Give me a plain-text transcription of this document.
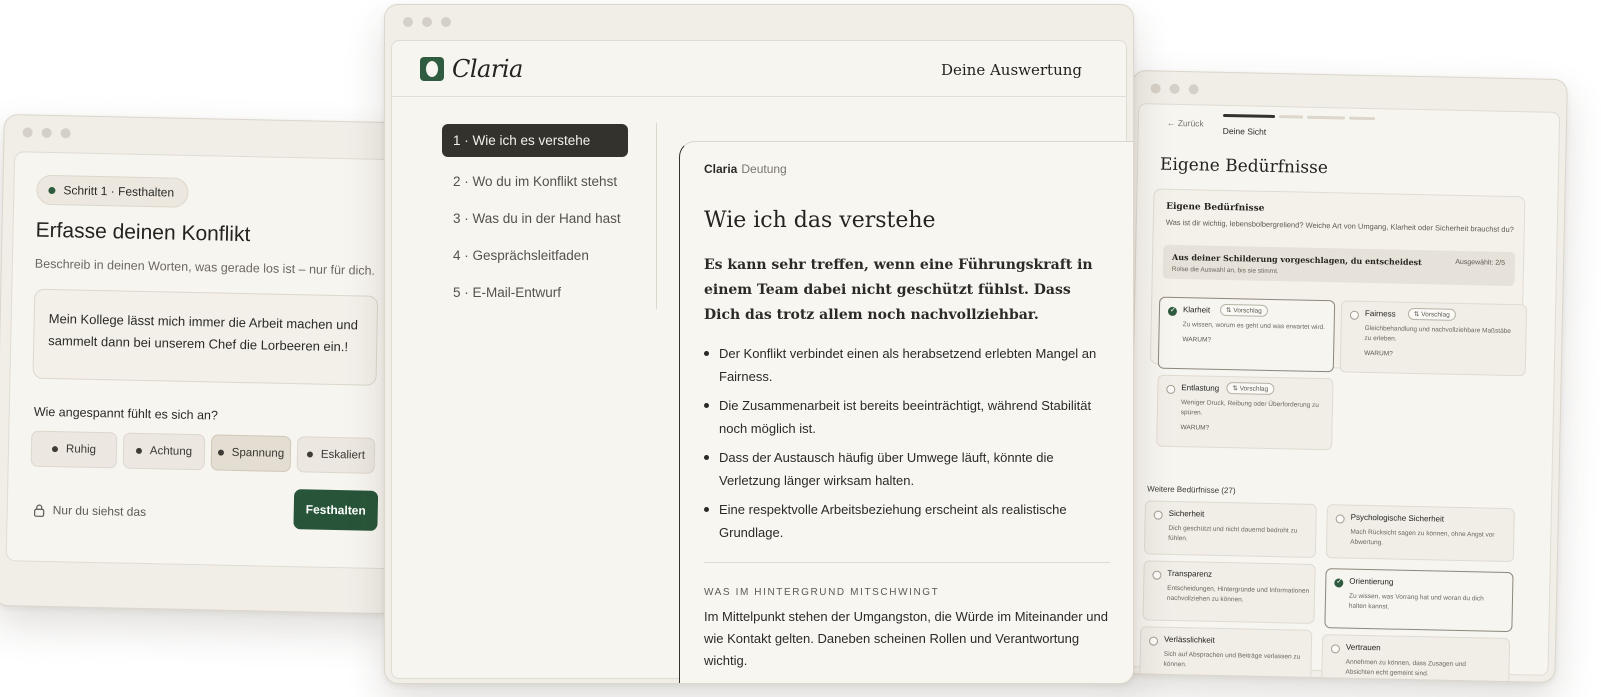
Schritt 1 · Festhalten
Erfasse deinen Konflikt
Beschreib in deinen Worten, was gerade los ist – nur für dich.
Mein Kollege lässt mich immer die Arbeit machen und sammelt dann bei unserem Chef die Lorbeeren ein.!
Wie angespannt fühlt es sich an?
Ruhig	Achtung	Spannung	Eskaliert
Nur du siehst das	Festhalten
← Zurück
Deine Sicht
Eigene Bedürfnisse
Eigene Bedürfnisse
Was ist dir wichtig, lebensbolbergreliend? Weiche Art von Umgang, Klarheit oder Sicherheit brauchst du?
Aus deiner Schilderung vorgeschlagen, du entscheidest
Rolse die Auswahl an, bis sie stimmt.
Ausgewählt: 2/5
✓
Klarheit	⇅ Vorschlag
Zu wissen, worum es geht und was erwartet wird.
WARUM?
Fairness	⇅ Vorschlag
Gleichbehandlung und nachvollziehbare Maßstäbe zu erleben.
WARUM?
Entlastung	⇅ Vorschlag
Weniger Druck, Reibung oder Überforderung zu spüren.
WARUM?
Weitere Bedürfnisse (27)
Sicherheit
Dich geschützt und nicht dauernd bedroht zu fühlen.
Psychologische Sicherheit
Mach Rücksicht sagen zu können, ohne Angst vor Abwertung.
Transparenz
Entscheidungen, Hintergründe und Informationen nachvollziehen zu können.
✓
Orientierung
Zu wissen, was Vorrang hat und woran du dich halten kannst.
Verlässlichkeit
Sich auf Absprachen und Beiträge verlassen zu können.
Vertrauen
Annehmen zu können, dass Zusagen und Absichten echt gemeint sind.
Claria	Deine Auswertung
1 · Wie ich es verstehe
2 · Wo du im Konflikt stehst
3 · Was du in der Hand hast
4 · Gesprächsleitfaden
5 · E-Mail-Entwurf
Claria Deutung
Wie ich das verstehe
Es kann sehr treffen, wenn eine Führungskraft in einem Team dabei nicht geschützt fühlst. Dass Dich das trotz allem noch nachvollziehbar.
Der Konflikt verbindet einen als herabsetzend erlebten Mangel an Fairness.
Die Zusammenarbeit ist bereits beeinträchtigt, während Stabilität noch möglich ist.
Dass der Austausch häufig über Umwege läuft, könnte die Verletzung länger wirksam halten.
Eine respektvolle Arbeitsbeziehung erscheint als realistische Grundlage.
WAS IM HINTERGRUND MITSCHWINGT
Im Mittelpunkt stehen der Umgangston, die Würde im Miteinander und wie Kontakt gelten. Daneben scheinen Rollen und Verantwortung wichtig.
